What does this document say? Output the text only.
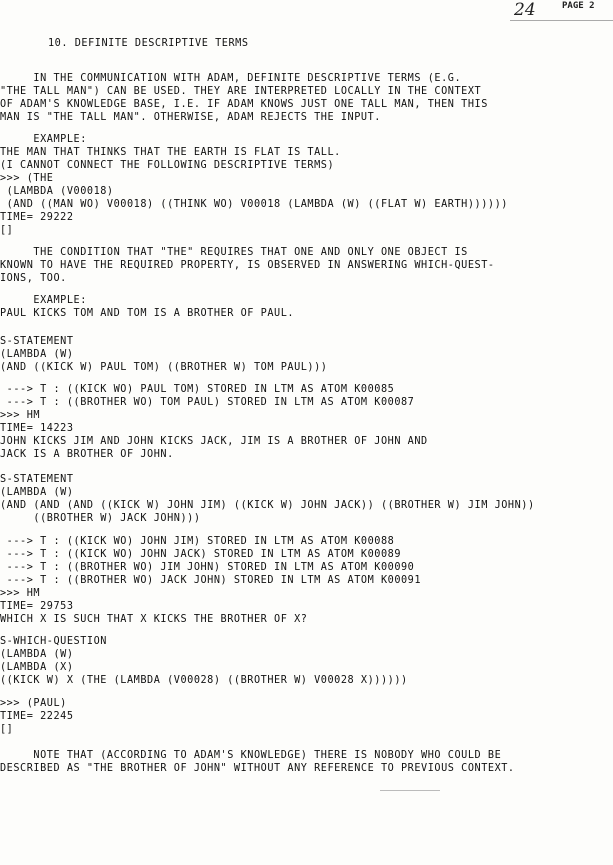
24	PAGE 2
10. DEFINITE DESCRIPTIVE TERMS
IN THE COMMUNICATION WITH ADAM, DEFINITE DESCRIPTIVE TERMS (E.G.
"THE TALL MAN") CAN BE USED. THEY ARE INTERPRETED LOCALLY IN THE CONTEXT
OF ADAM'S KNOWLEDGE BASE, I.E. IF ADAM KNOWS JUST ONE TALL MAN, THEN THIS
MAN IS "THE TALL MAN". OTHERWISE, ADAM REJECTS THE INPUT.
EXAMPLE:
THE MAN THAT THINKS THAT THE EARTH IS FLAT IS TALL.
(I CANNOT CONNECT THE FOLLOWING DESCRIPTIVE TERMS)
>>> (THE
(LAMBDA (V00018)
(AND ((MAN WO) V00018) ((THINK WO) V00018 (LAMBDA (W) ((FLAT W) EARTH))))))
TIME= 29222
[]
THE CONDITION THAT "THE" REQUIRES THAT ONE AND ONLY ONE OBJECT IS
KNOWN TO HAVE THE REQUIRED PROPERTY, IS OBSERVED IN ANSWERING WHICH-QUEST-
IONS, TOO.
EXAMPLE:
PAUL KICKS TOM AND TOM IS A BROTHER OF PAUL.
S-STATEMENT
(LAMBDA (W)
(AND ((KICK W) PAUL TOM) ((BROTHER W) TOM PAUL)))
---> T : ((KICK WO) PAUL TOM) STORED IN LTM AS ATOM K00085
---> T : ((BROTHER WO) TOM PAUL) STORED IN LTM AS ATOM K00087
>>> HM
TIME= 14223
JOHN KICKS JIM AND JOHN KICKS JACK, JIM IS A BROTHER OF JOHN AND
JACK IS A BROTHER OF JOHN.
S-STATEMENT
(LAMBDA (W)
(AND (AND (AND ((KICK W) JOHN JIM) ((KICK W) JOHN JACK)) ((BROTHER W) JIM JOHN))
((BROTHER W) JACK JOHN)))
---> T : ((KICK WO) JOHN JIM) STORED IN LTM AS ATOM K00088
---> T : ((KICK WO) JOHN JACK) STORED IN LTM AS ATOM K00089
---> T : ((BROTHER WO) JIM JOHN) STORED IN LTM AS ATOM K00090
---> T : ((BROTHER WO) JACK JOHN) STORED IN LTM AS ATOM K00091
>>> HM
TIME= 29753
WHICH X IS SUCH THAT X KICKS THE BROTHER OF X?
S-WHICH-QUESTION
(LAMBDA (W)
(LAMBDA (X)
((KICK W) X (THE (LAMBDA (V00028) ((BROTHER W) V00028 X))))))
>>> (PAUL)
TIME= 22245
[]
NOTE THAT (ACCORDING TO ADAM'S KNOWLEDGE) THERE IS NOBODY WHO COULD BE
DESCRIBED AS "THE BROTHER OF JOHN" WITHOUT ANY REFERENCE TO PREVIOUS CONTEXT.
